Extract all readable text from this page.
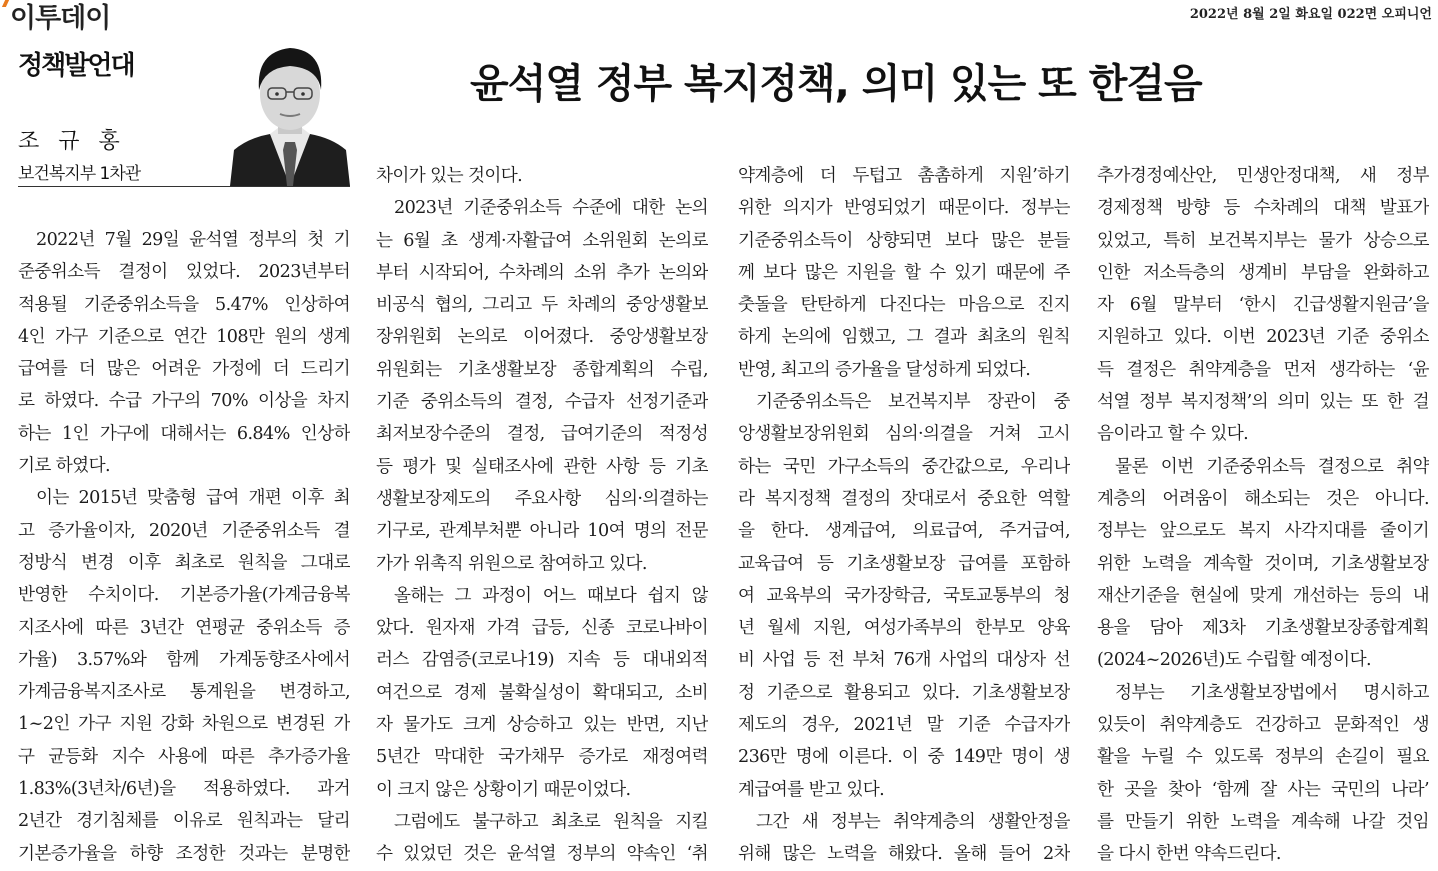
이투데이	2022년 8월 2일 화요일 022면 오피니언
정책발언대
조 규 홍
보건복지부 1차관
윤석열 정부 복지정책, 의미 있는 또 한걸음
2022년 7월 29일 윤석열 정부의 첫 기
준중위소득 결정이 있었다. 2023년부터
적용될 기준중위소득을 5.47% 인상하여
4인 가구 기준으로 연간 108만 원의 생계
급여를 더 많은 어려운 가정에 더 드리기
로 하였다. 수급 가구의 70% 이상을 차지
하는 1인 가구에 대해서는 6.84% 인상하
기로 하였다.
이는 2015년 맞춤형 급여 개편 이후 최
고 증가율이자, 2020년 기준중위소득 결
정방식 변경 이후 최초로 원칙을 그대로
반영한 수치이다. 기본증가율(가계금융복
지조사에 따른 3년간 연평균 중위소득 증
가율) 3.57%와 함께 가계동향조사에서
가계금융복지조사로 통계원을 변경하고,
1~2인 가구 지원 강화 차원으로 변경된 가
구 균등화 지수 사용에 따른 추가증가율
1.83%(3년차/6년)을 적용하였다. 과거
2년간 경기침체를 이유로 원칙과는 달리
기본증가율을 하향 조정한 것과는 분명한
차이가 있는 것이다.
2023년 기준중위소득 수준에 대한 논의
는 6월 초 생계·자활급여 소위원회 논의로
부터 시작되어, 수차례의 소위 추가 논의와
비공식 협의, 그리고 두 차례의 중앙생활보
장위원회 논의로 이어졌다. 중앙생활보장
위원회는 기초생활보장 종합계획의 수립,
기준 중위소득의 결정, 수급자 선정기준과
최저보장수준의 결정, 급여기준의 적정성
등 평가 및 실태조사에 관한 사항 등 기초
생활보장제도의 주요사항 심의·의결하는
기구로, 관계부처뿐 아니라 10여 명의 전문
가가 위촉직 위원으로 참여하고 있다.
올해는 그 과정이 어느 때보다 쉽지 않
았다. 원자재 가격 급등, 신종 코로나바이
러스 감염증(코로나19) 지속 등 대내외적
여건으로 경제 불확실성이 확대되고, 소비
자 물가도 크게 상승하고 있는 반면, 지난
5년간 막대한 국가채무 증가로 재정여력
이 크지 않은 상황이기 때문이었다.
그럼에도 불구하고 최초로 원칙을 지킬
수 있었던 것은 윤석열 정부의 약속인 ‘취
약계층에 더 두텁고 촘촘하게 지원’하기
위한 의지가 반영되었기 때문이다. 정부는
기준중위소득이 상향되면 보다 많은 분들
께 보다 많은 지원을 할 수 있기 때문에 주
춧돌을 탄탄하게 다진다는 마음으로 진지
하게 논의에 임했고, 그 결과 최초의 원칙
반영, 최고의 증가율을 달성하게 되었다.
기준중위소득은 보건복지부 장관이 중
앙생활보장위원회 심의·의결을 거쳐 고시
하는 국민 가구소득의 중간값으로, 우리나
라 복지정책 결정의 잣대로서 중요한 역할
을 한다. 생계급여, 의료급여, 주거급여,
교육급여 등 기초생활보장 급여를 포함하
여 교육부의 국가장학금, 국토교통부의 청
년 월세 지원, 여성가족부의 한부모 양육
비 사업 등 전 부처 76개 사업의 대상자 선
정 기준으로 활용되고 있다. 기초생활보장
제도의 경우, 2021년 말 기준 수급자가
236만 명에 이른다. 이 중 149만 명이 생
계급여를 받고 있다.
그간 새 정부는 취약계층의 생활안정을
위해 많은 노력을 해왔다. 올해 들어 2차
추가경정예산안, 민생안정대책, 새 정부
경제정책 방향 등 수차례의 대책 발표가
있었고, 특히 보건복지부는 물가 상승으로
인한 저소득층의 생계비 부담을 완화하고
자 6월 말부터 ‘한시 긴급생활지원금’을
지원하고 있다. 이번 2023년 기준 중위소
득 결정은 취약계층을 먼저 생각하는 ‘윤
석열 정부 복지정책’의 의미 있는 또 한 걸
음이라고 할 수 있다.
물론 이번 기준중위소득 결정으로 취약
계층의 어려움이 해소되는 것은 아니다.
정부는 앞으로도 복지 사각지대를 줄이기
위한 노력을 계속할 것이며, 기초생활보장
재산기준을 현실에 맞게 개선하는 등의 내
용을 담아 제3차 기초생활보장종합계획
(2024~2026년)도 수립할 예정이다.
정부는 기초생활보장법에서 명시하고
있듯이 취약계층도 건강하고 문화적인 생
활을 누릴 수 있도록 정부의 손길이 필요
한 곳을 찾아 ‘함께 잘 사는 국민의 나라’
를 만들기 위한 노력을 계속해 나갈 것임
을 다시 한번 약속드린다.
